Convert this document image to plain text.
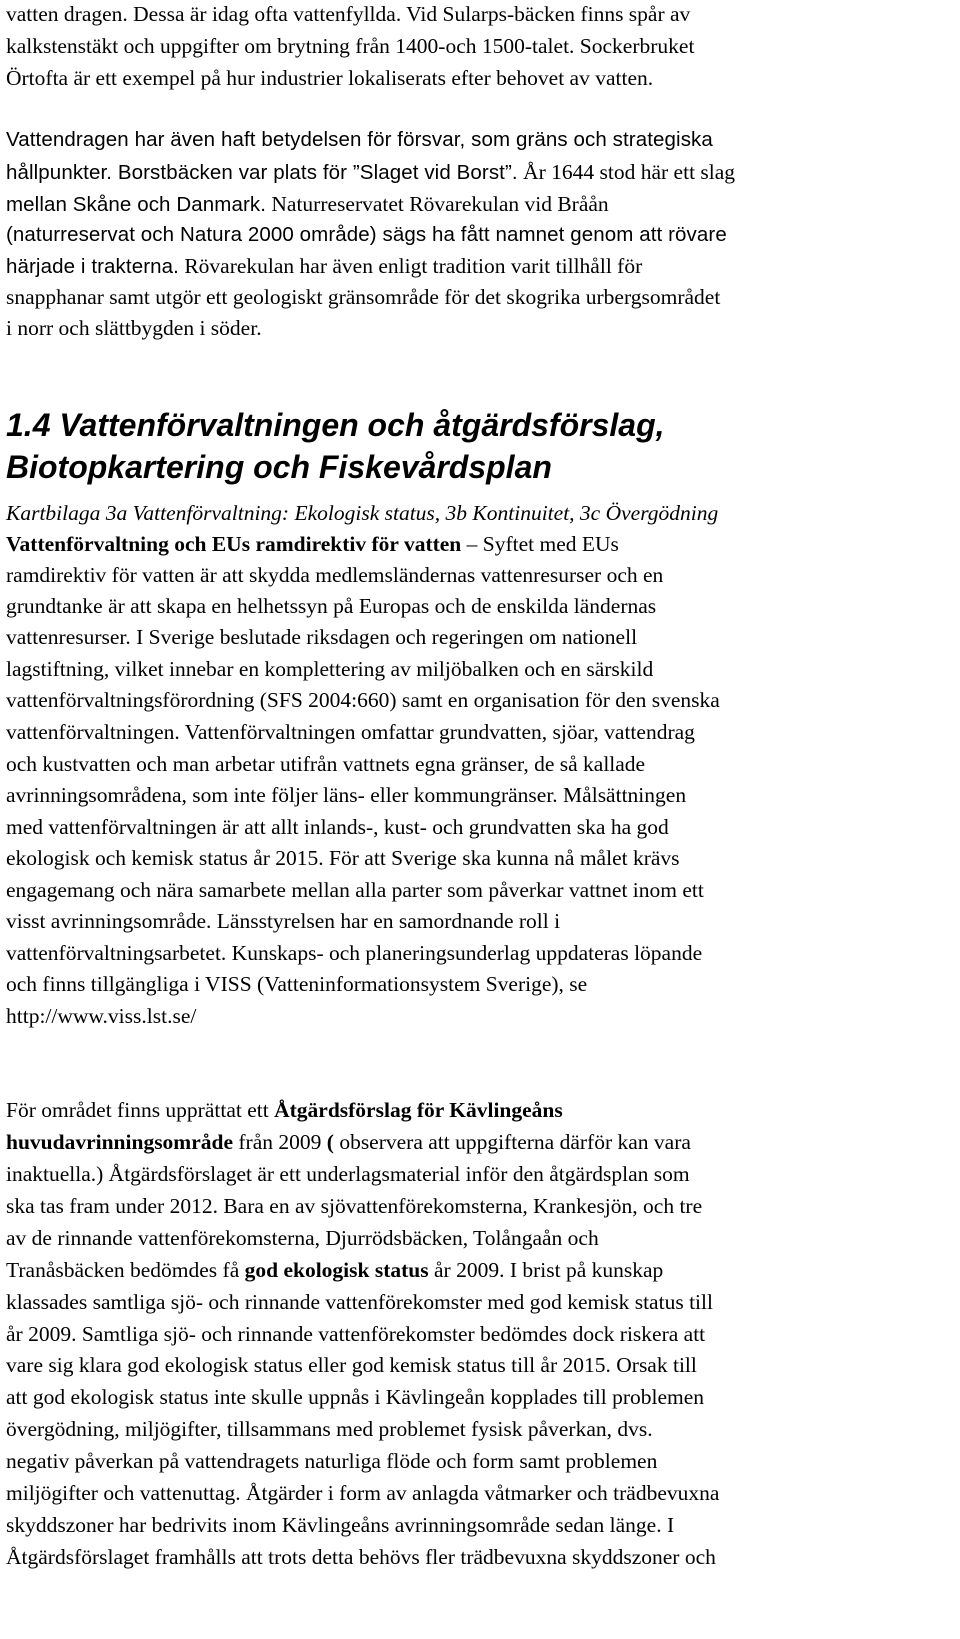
vatten dragen. Dessa är idag ofta vattenfyllda. Vid Sularps-bäcken finns spår av
kalkstenstäkt och uppgifter om brytning från 1400-och 1500-talet. Sockerbruket
Örtofta är ett exempel på hur industrier lokaliserats efter behovet av vatten.
Vattendragen har även haft betydelsen för försvar, som gräns och strategiska
hållpunkter. Borstbäcken var plats för ”Slaget vid Borst”. År 1644 stod här ett slag
mellan Skåne och Danmark. Naturreservatet Rövarekulan vid Bråån
(naturreservat och Natura 2000 område) sägs ha fått namnet genom att rövare
härjade i trakterna. Rövarekulan har även enligt tradition varit tillhåll för
snapphanar samt utgör ett geologiskt gränsområde för det skogrika urbergsområdet
i norr och slättbygden i söder.
1.4 Vattenförvaltningen och åtgärdsförslag,
Biotopkartering och Fiskevårdsplan
Kartbilaga 3a Vattenförvaltning: Ekologisk status, 3b Kontinuitet, 3c Övergödning
Vattenförvaltning och EUs ramdirektiv för vatten – Syftet med EUs
ramdirektiv för vatten är att skydda medlemsländernas vattenresurser och en
grundtanke är att skapa en helhetssyn på Europas och de enskilda ländernas
vattenresurser. I Sverige beslutade riksdagen och regeringen om nationell
lagstiftning, vilket innebar en komplettering av miljöbalken och en särskild
vattenförvaltningsförordning (SFS 2004:660) samt en organisation för den svenska
vattenförvaltningen. Vattenförvaltningen omfattar grundvatten, sjöar, vattendrag
och kustvatten och man arbetar utifrån vattnets egna gränser, de så kallade
avrinningsområdena, som inte följer läns- eller kommungränser. Målsättningen
med vattenförvaltningen är att allt inlands-, kust- och grundvatten ska ha god
ekologisk och kemisk status år 2015. För att Sverige ska kunna nå målet krävs
engagemang och nära samarbete mellan alla parter som påverkar vattnet inom ett
visst avrinningsområde. Länsstyrelsen har en samordnande roll i
vattenförvaltningsarbetet. Kunskaps- och planeringsunderlag uppdateras löpande
och finns tillgängliga i VISS (Vatteninformationsystem Sverige), se
http://www.viss.lst.se/
För området finns upprättat ett Åtgärdsförslag för Kävlingeåns
huvudavrinningsområde från 2009 ( observera att uppgifterna därför kan vara
inaktuella.) Åtgärdsförslaget är ett underlagsmaterial inför den åtgärdsplan som
ska tas fram under 2012. Bara en av sjövattenförekomsterna, Krankesjön, och tre
av de rinnande vattenförekomsterna, Djurrödsbäcken, Tolångaån och
Tranåsbäcken bedömdes få god ekologisk status år 2009. I brist på kunskap
klassades samtliga sjö- och rinnande vattenförekomster med god kemisk status till
år 2009. Samtliga sjö- och rinnande vattenförekomster bedömdes dock riskera att
vare sig klara god ekologisk status eller god kemisk status till år 2015. Orsak till
att god ekologisk status inte skulle uppnås i Kävlingeån kopplades till problemen
övergödning, miljögifter, tillsammans med problemet fysisk påverkan, dvs.
negativ påverkan på vattendragets naturliga flöde och form samt problemen
miljögifter och vattenuttag. Åtgärder i form av anlagda våtmarker och trädbevuxna
skyddszoner har bedrivits inom Kävlingeåns avrinningsområde sedan länge. I
Åtgärdsförslaget framhålls att trots detta behövs fler trädbevuxna skyddszoner och
